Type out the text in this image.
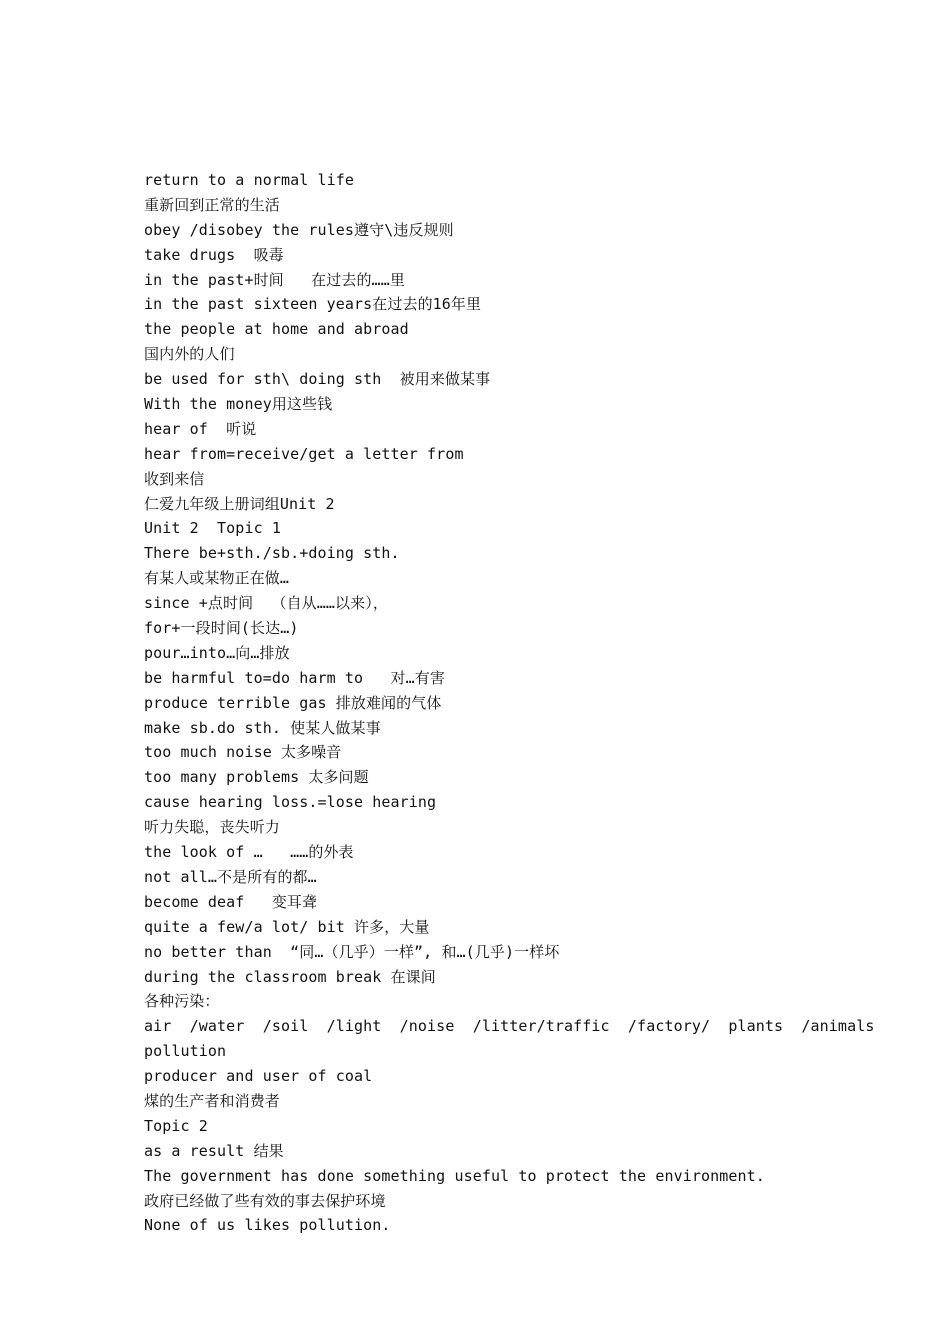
return to a normal life
重新回到正常的生活
obey /disobey the rules遵守\违反规则
take drugs  吸毒
in the past+时间   在过去的……里
in the past sixteen years在过去的16年里
the people at home and abroad
国内外的人们
be used for sth\ doing sth  被用来做某事
With the money用这些钱
hear of  听说
hear from=receive/get a letter from
收到来信
仁爱九年级上册词组Unit 2
Unit 2  Topic 1
There be+sth./sb.+doing sth.
有某人或某物正在做…
since +点时间  （自从……以来），
for+一段时间(长达…)
pour…into…向…排放
be harmful to=do harm to   对…有害
produce terrible gas 排放难闻的气体
make sb.do sth. 使某人做某事
too much noise 太多噪音
too many problems 太多问题
cause hearing loss.=lose hearing
听力失聪，丧失听力
the look of …   ……的外表
not all…不是所有的都…
become deaf   变耳聋
quite a few/a lot/ bit 许多，大量
no better than  “同…（几乎）一样”, 和…(几乎)一样坏
during the classroom break 在课间
各种污染：
air  /water  /soil  /light  /noise  /litter/traffic  /factory/  plants  /animals
pollution
producer and user of coal
煤的生产者和消费者
Topic 2
as a result 结果
The government has done something useful to protect the environment.
政府已经做了些有效的事去保护环境
None of us likes pollution.
